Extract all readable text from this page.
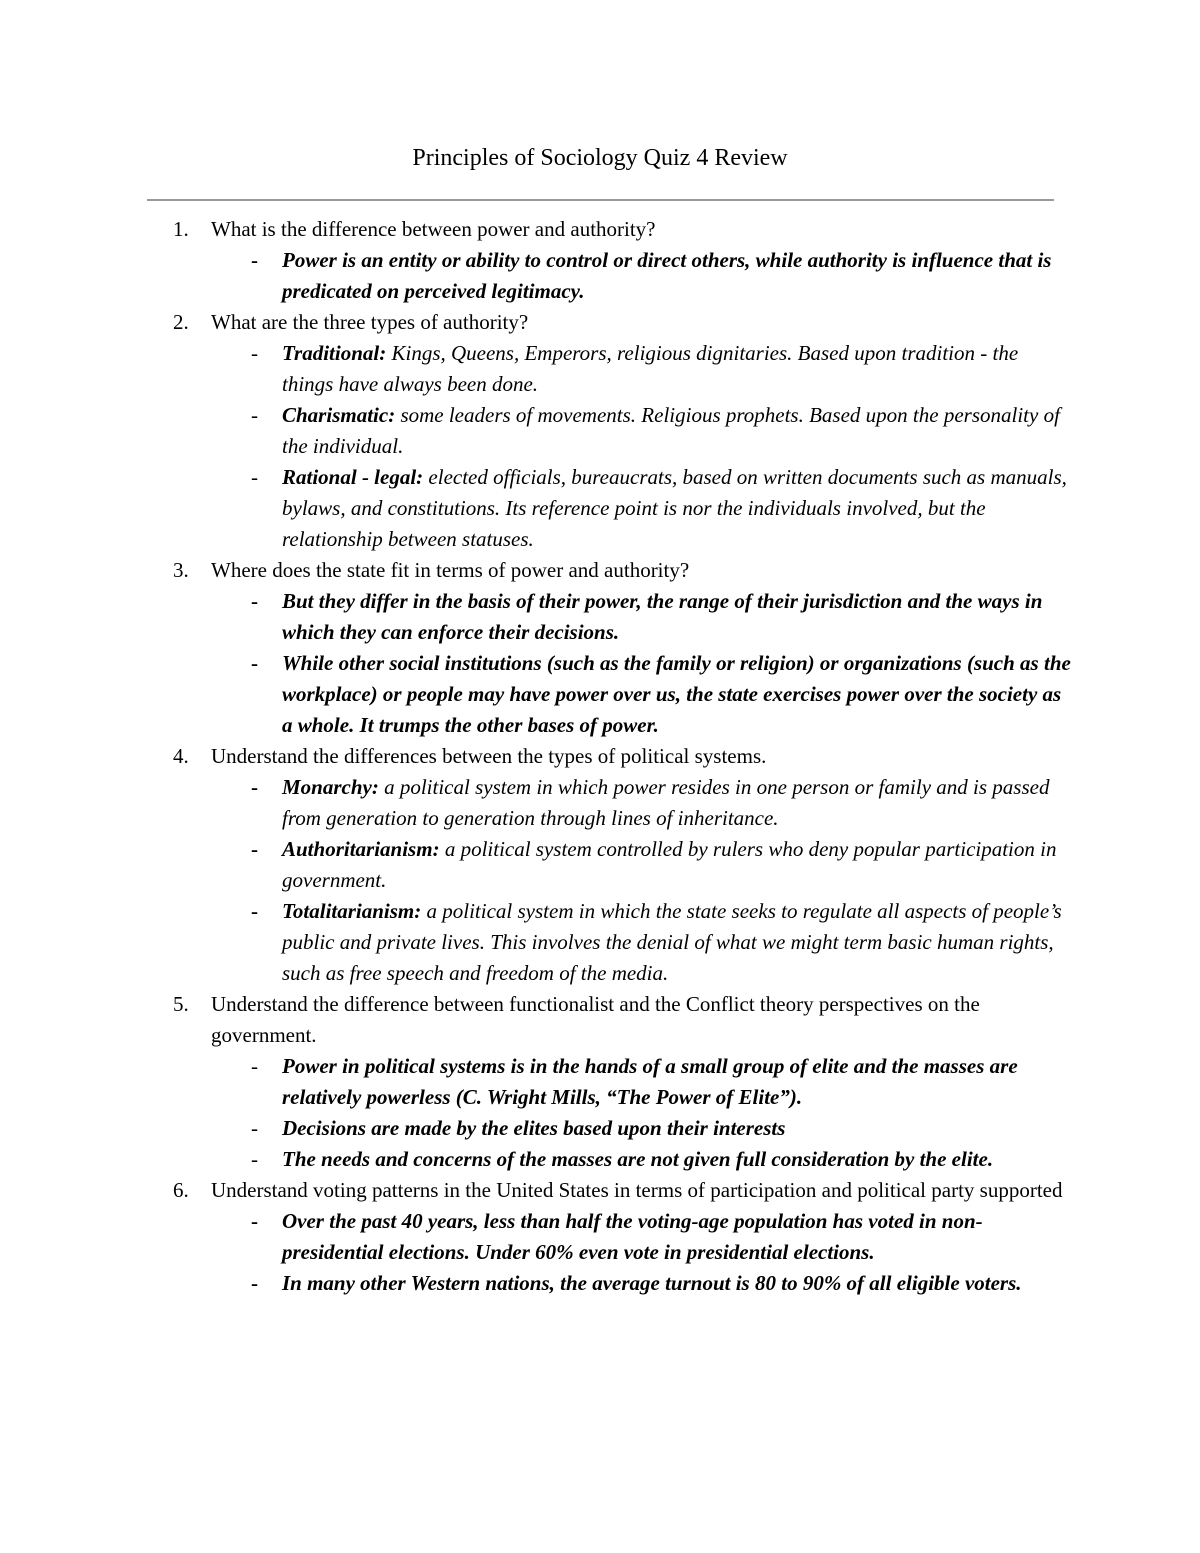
Principles of Sociology Quiz 4 Review
1. What is the difference between power and authority?
- Power is an entity or ability to control or direct others, while authority is influence that is predicated on perceived legitimacy.
2. What are the three types of authority?
- Traditional: Kings, Queens, Emperors, religious dignitaries. Based upon tradition - the things have always been done.
- Charismatic: some leaders of movements. Religious prophets. Based upon the personality of the individual.
- Rational - legal: elected officials, bureaucrats, based on written documents such as manuals, bylaws, and constitutions. Its reference point is nor the individuals involved, but the relationship between statuses.
3. Where does the state fit in terms of power and authority?
- But they differ in the basis of their power, the range of their jurisdiction and the ways in which they can enforce their decisions.
- While other social institutions (such as the family or religion) or organizations (such as the workplace) or people may have power over us, the state exercises power over the society as a whole. It trumps the other bases of power.
4. Understand the differences between the types of political systems.
- Monarchy: a political system in which power resides in one person or family and is passed from generation to generation through lines of inheritance.
- Authoritarianism: a political system controlled by rulers who deny popular participation in government.
- Totalitarianism: a political system in which the state seeks to regulate all aspects of people’s public and private lives. This involves the denial of what we might term basic human rights, such as free speech and freedom of the media.
5. Understand the difference between functionalist and the Conflict theory perspectives on the government.
- Power in political systems is in the hands of a small group of elite and the masses are relatively powerless (C. Wright Mills, “The Power of Elite”).
- Decisions are made by the elites based upon their interests
- The needs and concerns of the masses are not given full consideration by the elite.
6. Understand voting patterns in the United States in terms of participation and political party supported
- Over the past 40 years, less than half the voting-age population has voted in non-presidential elections. Under 60% even vote in presidential elections.
- In many other Western nations, the average turnout is 80 to 90% of all eligible voters.
